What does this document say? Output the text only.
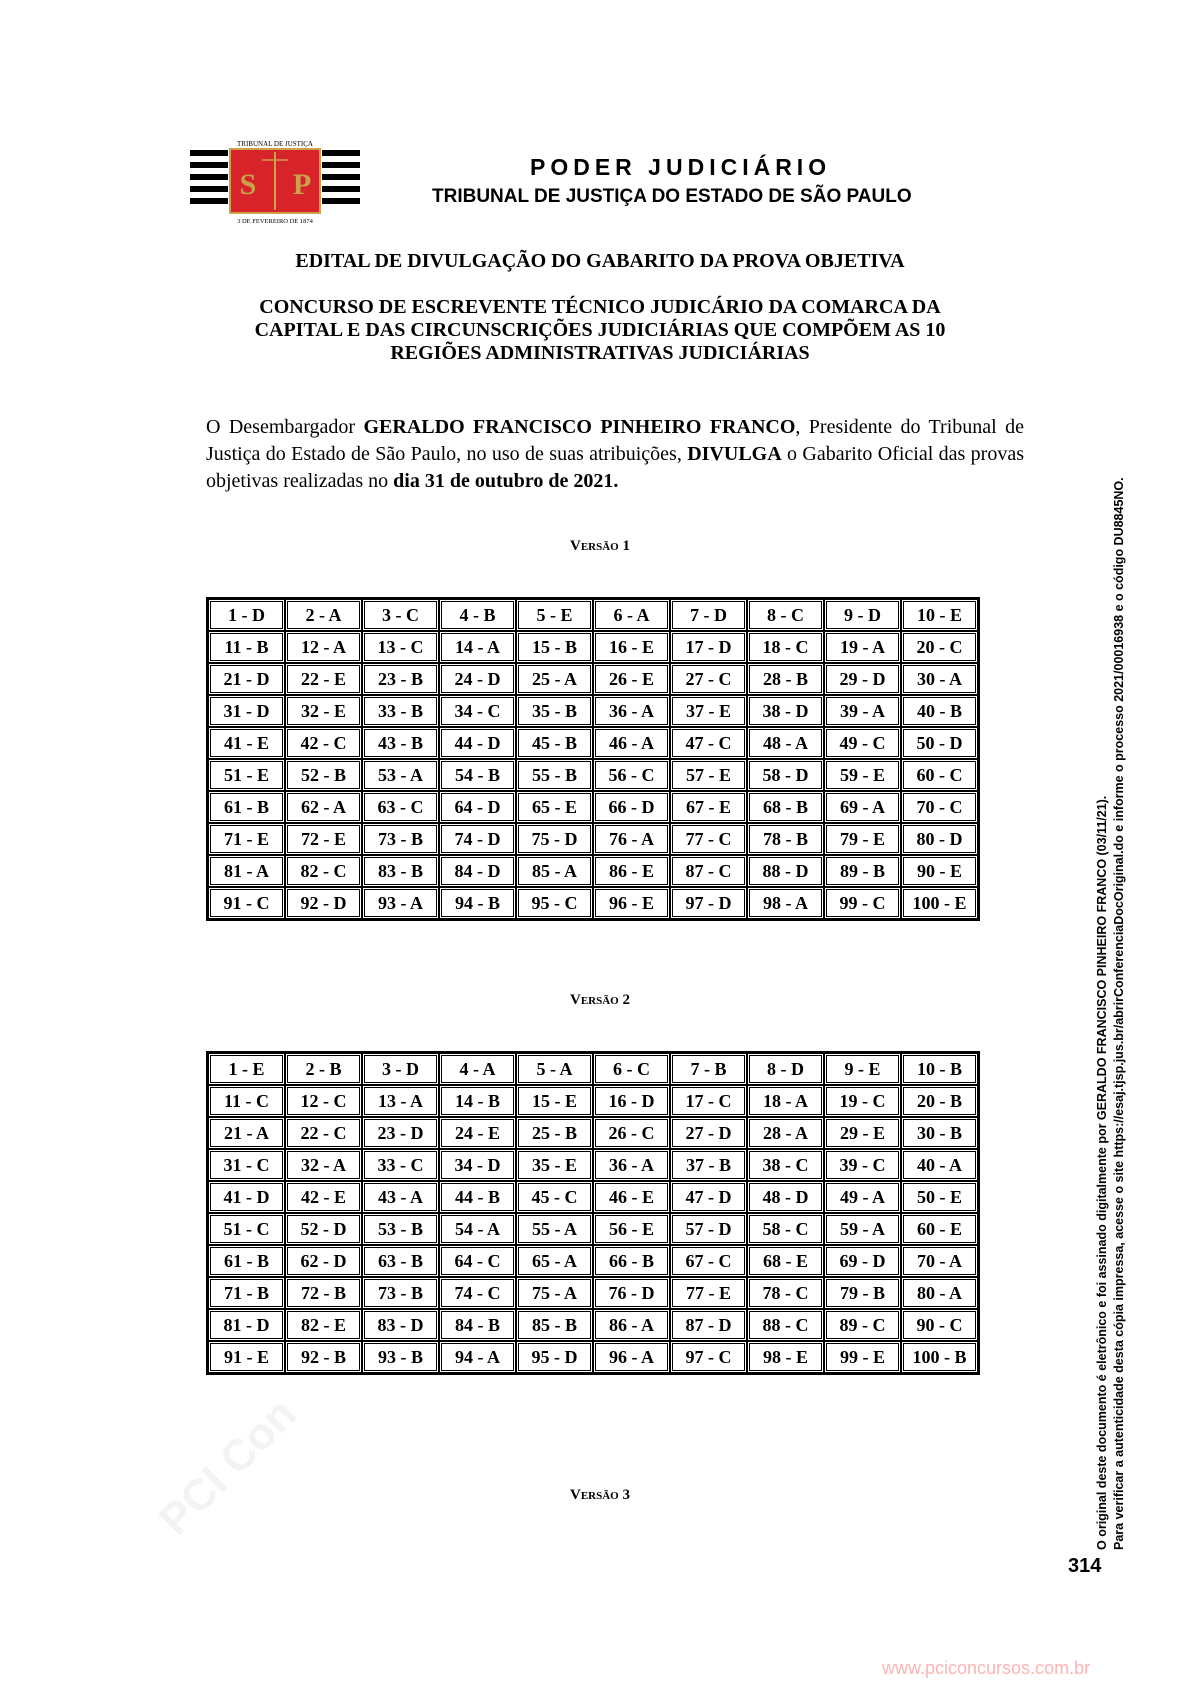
TRIBUNAL DE JUSTIÇA
S P
3 DE FEVEREIRO DE 1874
PODER JUDICIÁRIO
TRIBUNAL DE JUSTIÇA DO ESTADO DE SÃO PAULO
EDITAL DE DIVULGAÇÃO DO GABARITO DA PROVA OBJETIVA
CONCURSO DE ESCREVENTE TÉCNICO JUDICÁRIO DA COMARCA DA
CAPITAL E DAS CIRCUNSCRIÇÕES JUDICIÁRIAS QUE COMPÕEM AS 10
REGIÕES ADMINISTRATIVAS JUDICIÁRIAS
O Desembargador GERALDO FRANCISCO PINHEIRO FRANCO, Presidente do Tribunal de Justiça do Estado de São Paulo, no uso de suas atribuições, DIVULGA o Gabarito Oficial das provas objetivas realizadas no dia 31 de outubro de 2021.
Versão 1
1 - D	2 - A	3 - C	4 - B	5 - E	6 - A	7 - D	8 - C	9 - D	10 - E
11 - B	12 - A	13 - C	14 - A	15 - B	16 - E	17 - D	18 - C	19 - A	20 - C
21 - D	22 - E	23 - B	24 - D	25 - A	26 - E	27 - C	28 - B	29 - D	30 - A
31 - D	32 - E	33 - B	34 - C	35 - B	36 - A	37 - E	38 - D	39 - A	40 - B
41 - E	42 - C	43 - B	44 - D	45 - B	46 - A	47 - C	48 - A	49 - C	50 - D
51 - E	52 - B	53 - A	54 - B	55 - B	56 - C	57 - E	58 - D	59 - E	60 - C
61 - B	62 - A	63 - C	64 - D	65 - E	66 - D	67 - E	68 - B	69 - A	70 - C
71 - E	72 - E	73 - B	74 - D	75 - D	76 - A	77 - C	78 - B	79 - E	80 - D
81 - A	82 - C	83 - B	84 - D	85 - A	86 - E	87 - C	88 - D	89 - B	90 - E
91 - C	92 - D	93 - A	94 - B	95 - C	96 - E	97 - D	98 - A	99 - C	100 - E
Versão 2
1 - E	2 - B	3 - D	4 - A	5 - A	6 - C	7 - B	8 - D	9 - E	10 - B
11 - C	12 - C	13 - A	14 - B	15 - E	16 - D	17 - C	18 - A	19 - C	20 - B
21 - A	22 - C	23 - D	24 - E	25 - B	26 - C	27 - D	28 - A	29 - E	30 - B
31 - C	32 - A	33 - C	34 - D	35 - E	36 - A	37 - B	38 - C	39 - C	40 - A
41 - D	42 - E	43 - A	44 - B	45 - C	46 - E	47 - D	48 - D	49 - A	50 - E
51 - C	52 - D	53 - B	54 - A	55 - A	56 - E	57 - D	58 - C	59 - A	60 - E
61 - B	62 - D	63 - B	64 - C	65 - A	66 - B	67 - C	68 - E	69 - D	70 - A
71 - B	72 - B	73 - B	74 - C	75 - A	76 - D	77 - E	78 - C	79 - B	80 - A
81 - D	82 - E	83 - D	84 - B	85 - B	86 - A	87 - D	88 - C	89 - C	90 - C
91 - E	92 - B	93 - B	94 - A	95 - D	96 - A	97 - C	98 - E	99 - E	100 - B
Versão 3
PCI Con	O original deste documento é eletrônico e foi assinado digitalmente por GERALDO FRANCISCO PINHEIRO FRANCO (03/11/21). Para verificar a autenticidade desta cópia impressa, acesse o site https://esaj.tjsp.jus.br/abrirConferenciaDocOriginal.do e informe o processo 2021/00016938 e o código DU8845NO.
314
www.pciconcursos.com.br
